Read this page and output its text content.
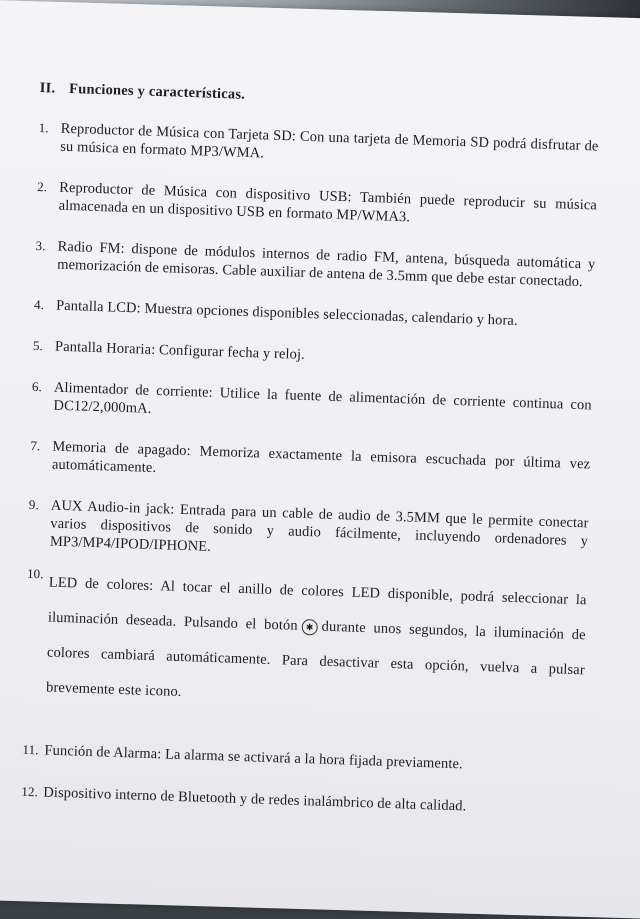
II. Funciones y características.
1. Reproductor de Música con Tarjeta SD: Con una tarjeta de Memoria SD podrá disfrutar de su música en formato MP3/WMA.
2. Reproductor de Música con dispositivo USB: También puede reproducir su música almacenada en un dispositivo USB en formato MP/WMA3.
3. Radio FM: dispone de módulos internos de radio FM, antena, búsqueda automática y memorización de emisoras. Cable auxiliar de antena de 3.5mm que debe estar conectado.
4. Pantalla LCD: Muestra opciones disponibles seleccionadas, calendario y hora.
5. Pantalla Horaria: Configurar fecha y reloj.
6. Alimentador de corriente: Utilice la fuente de alimentación de corriente continua con DC12/2,000mA.
7. Memoria de apagado: Memoriza exactamente la emisora escuchada por última vez automáticamente.
9. AUX Audio-in jack: Entrada para un cable de audio de 3.5MM que le permite conectar varios dispositivos de sonido y audio fácilmente, incluyendo ordenadores y MP3/MP4/IPOD/IPHONE.
10.
LED de colores: Al tocar el anillo de colores LED disponible, podrá seleccionar la iluminación deseada. Pulsando el botón ✱ durante unos segundos, la iluminación de colores cambiará automáticamente. Para desactivar esta opción, vuelva a pulsar brevemente este icono.
11. Función de Alarma: La alarma se activará a la hora fijada previamente.
12. Dispositivo interno de Bluetooth y de redes inalámbrico de alta calidad.
